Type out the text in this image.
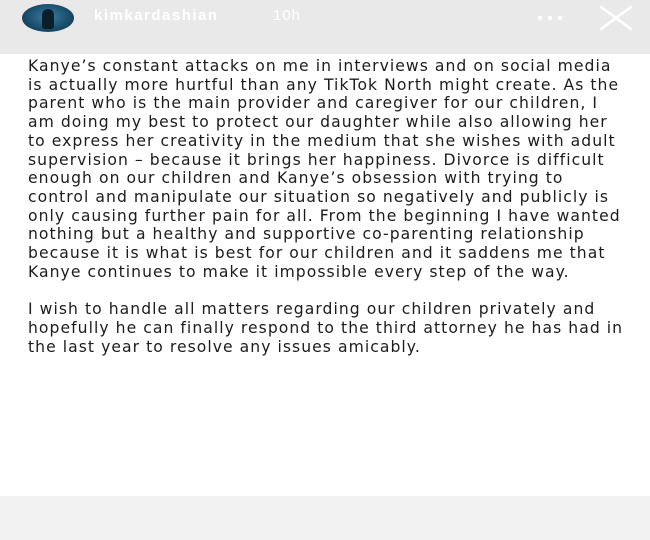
kimkardashian	10h

Kanye’s constant attacks on me in interviews and on social media is actually more hurtful than any TikTok North might create. As the parent who is the main provider and caregiver for our children, I am doing my best to protect our daughter while also allowing her to express her creativity in the medium that she wishes with adult supervision – because it brings her happiness. Divorce is difficult enough on our children and Kanye’s obsession with trying to control and manipulate our situation so negatively and publicly is only causing further pain for all. From the beginning I have wanted nothing but a healthy and supportive co-parenting relationship because it is what is best for our children and it saddens me that Kanye continues to make it impossible every step of the way.

I wish to handle all matters regarding our children privately and hopefully he can finally respond to the third attorney he has had in the last year to resolve any issues amicably.
